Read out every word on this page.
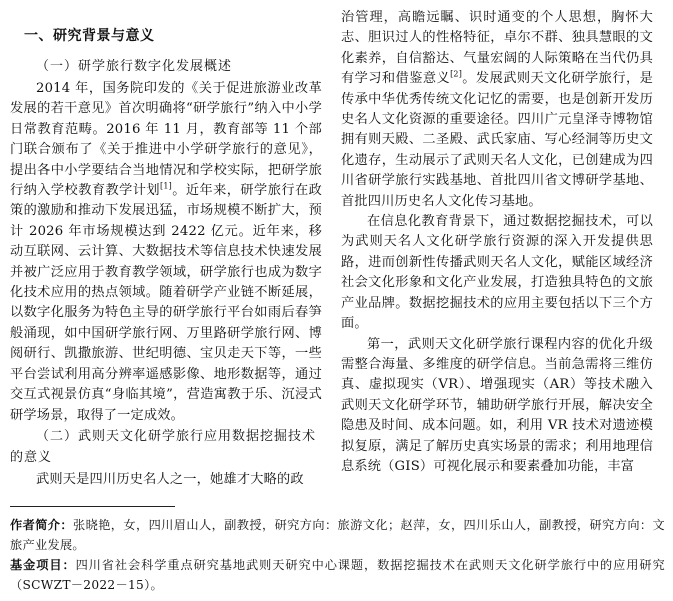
一、研究背景与意义
（一）研学旅行数字化发展概述

2014 年，国务院印发的《关于促进旅游业改革发展的若干意见》首次明确将“研学旅行”纳入中小学日常教育范畴。2016 年 11 月，教育部等 11 个部门联合颁布了《关于推进中小学研学旅行的意见》，提出各中小学要结合当地情况和学校实际，把研学旅行纳入学校教育教学计划[1]。近年来，研学旅行在政策的激励和推动下发展迅猛，市场规模不断扩大，预计 2026 年市场规模达到 2422 亿元。近年来，移动互联网、云计算、大数据技术等信息技术快速发展并被广泛应用于教育教学领域，研学旅行也成为数字化技术应用的热点领域。随着研学产业链不断延展，以数字化服务为特色主导的研学旅行平台如雨后春笋般涌现，如中国研学旅行网、万里路研学旅行网、博阅研行、凯撒旅游、世纪明德、宝贝走天下等，一些平台尝试利用高分辨率遥感影像、地形数据等，通过交互式视景仿真“身临其境”，营造寓教于乐、沉浸式研学场景，取得了一定成效。

（二）武则天文化研学旅行应用数据挖掘技术的意义

武则天是四川历史名人之一，她雄才大略的政

治管理，高瞻远瞩、识时通变的个人思想，胸怀大志、胆识过人的性格特征，卓尔不群、独具慧眼的文化素养，自信豁达、气量宏阔的人际策略在当代仍具有学习和借鉴意义[2]。发展武则天文化研学旅行，是传承中华优秀传统文化记忆的需要，也是创新开发历史名人文化资源的重要途径。四川广元皇泽寺博物馆拥有则天殿、二圣殿、武氏家庙、写心经洞等历史文化遗存，生动展示了武则天名人文化，已创建成为四川省研学旅行实践基地、首批四川省文博研学基地、首批四川历史名人文化传习基地。

在信息化教育背景下，通过数据挖掘技术，可以为武则天名人文化研学旅行资源的深入开发提供思路，进而创新性传播武则天名人文化，赋能区域经济社会文化形象和文化产业发展，打造独具特色的文旅产业品牌。数据挖掘技术的应用主要包括以下三个方面。

第一，武则天文化研学旅行课程内容的优化升级需整合海量、多维度的研学信息。当前急需将三维仿真、虚拟现实（VR）、增强现实（AR）等技术融入武则天文化研学环节，辅助研学旅行开展，解决安全隐患及时间、成本问题。如，利用 VR 技术对遗迹模拟复原，满足了解历史真实场景的需求；利用地理信息系统（GIS）可视化展示和要素叠加功能，丰富

作者简介：张晓艳，女，四川眉山人，副教授，研究方向：旅游文化；赵萍，女，四川乐山人，副教授，研究方向：文旅产业发展。
基金项目：四川省社会科学重点研究基地武则天研究中心课题，数据挖掘技术在武则天文化研学旅行中的应用研究（SCWZT－2022－15）。
